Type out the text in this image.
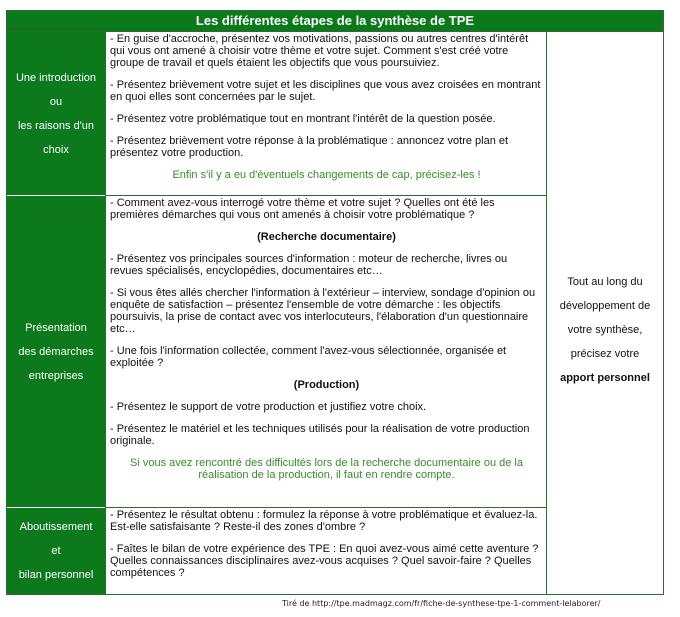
Les différentes étapes de la synthèse de TPE
Une introduction
ou
les raisons d'un
choix
Présentation
des démarches
entreprises
Aboutissement
et
bilan personnel

- En guise d'accroche, présentez vos motivations, passions ou autres centres d'intérêt qui vous ont amené à choisir votre thème et votre sujet. Comment s'est créé votre groupe de travail et quels étaient les objectifs que vous poursuiviez.

- Présentez brièvement votre sujet et les disciplines que vous avez croisées en montrant en quoi elles sont concernées par le sujet.

- Présentez votre problématique tout en montrant l'intérêt de la question posée.

- Présentez brièvement votre réponse à la problématique : annoncez votre plan et présentez votre production.

Enfin s'il y a eu d'éventuels changements de cap, précisez-les !

- Comment avez-vous interrogé votre thème et votre sujet ? Quelles ont été les premières démarches qui vous ont amenés à choisir votre problématique ?

(Recherche documentaire)

- Présentez vos principales sources d'information : moteur de recherche, livres ou revues spécialisés, encyclopédies, documentaires etc…

- Si vous êtes allés chercher l'information à l'extérieur – interview, sondage d'opinion ou enquête de satisfaction – présentez l'ensemble de votre démarche : les objectifs poursuivis, la prise de contact avec vos interlocuteurs, l'élaboration d'un questionnaire etc…

- Une fois l'information collectée, comment l'avez-vous sélectionnée, organisée et exploitée ?

(Production)

- Présentez le support de votre production et justifiez votre choix.

- Présentez le matériel et les techniques utilisés pour la réalisation de votre production originale.

Si vous avez rencontré des difficultés lors de la recherche documentaire ou de la réalisation de la production, il faut en rendre compte.

- Présentez le résultat obtenu : formulez la réponse à votre problématique et évaluez-la. Est-elle satisfaisante ? Reste-il des zones d'ombre ?

- Faîtes le bilan de votre expérience des TPE : En quoi avez-vous aimé cette aventure ? Quelles connaissances disciplinaires avez-vous acquises ? Quel savoir-faire ? Quelles compétences ?

Tout au long du
développement de
votre synthèse,
précisez votre
apport personnel
Tiré de http://tpe.madmagz.com/fr/fiche-de-synthese-tpe-1-comment-lelaborer/
